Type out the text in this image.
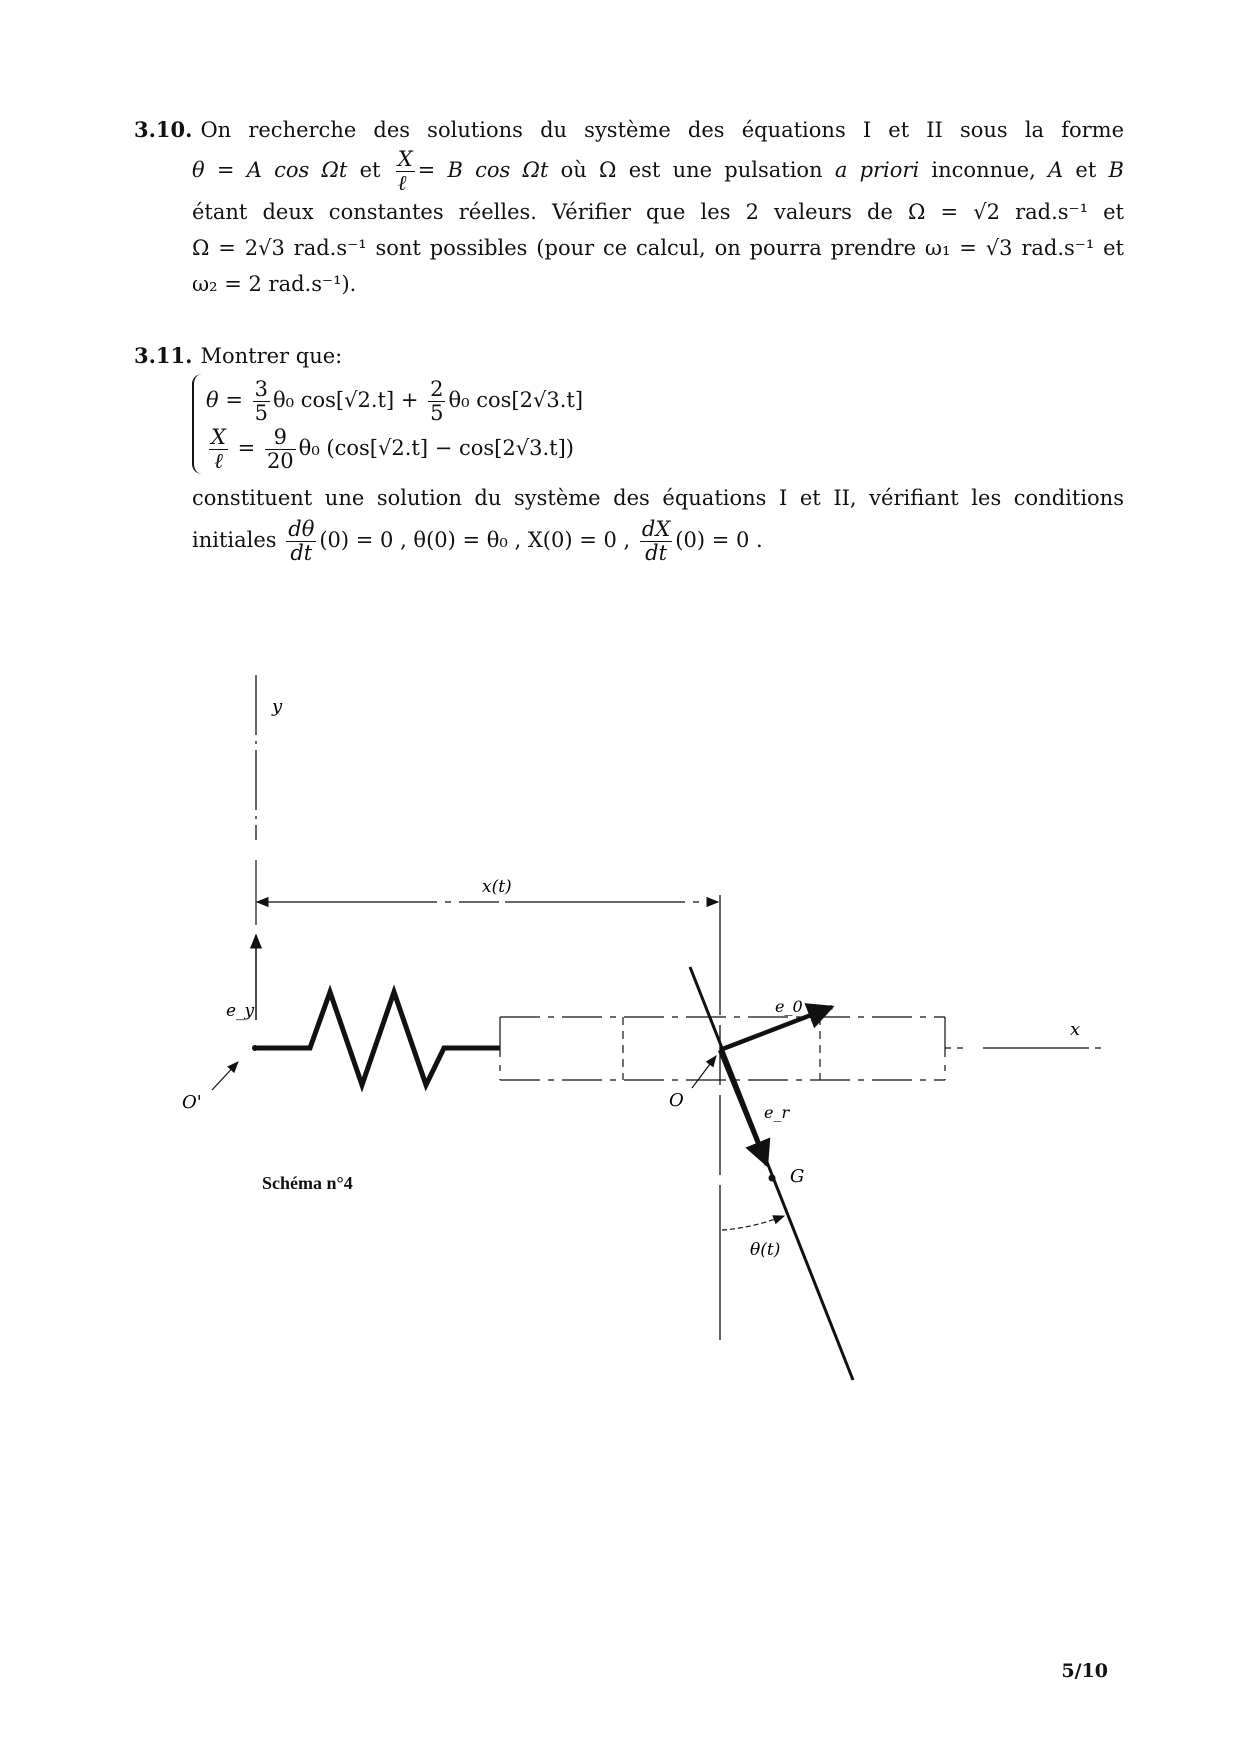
3.10. On recherche des solutions du système des équations I et II sous la forme
θ = A cos Ωt et $\frac{X}{\text{ℓ}} = B$ cos Ωt où Ω est une pulsation a priori inconnue, A et B
étant deux constantes réelles. Vérifier que les 2 valeurs de Ω = √2 rad.s⁻¹ et
Ω = 2√3 rad.s⁻¹ sont possibles (pour ce calcul, on pourra prendre ω₁ = √3 rad.s⁻¹ et
ω₂ = 2 rad.s⁻¹).
3.11. Montrer que:
$\theta = \frac{3}{5} \theta_0$ $\cos[√2.t] + \frac{2}{5} \theta_0$ cos[2√3.t]
$\frac{X}{\text{ℓ}} = \frac{9}{20} \theta_0$ (cos[√2.t] − cos[2√3.t])
constituent une solution du système des équations I et II, vérifiant les conditions
initiales $\frac{d\theta}{dt} (0) = 0$ , θ(0) = θ₀ , X(0) = 0 , $\frac{dX}{dt} (0) = 0$ .
y
x(t)
e_y
O'
x
e_0
e_r
O
G
θ(t)
Schéma n°4
5/10
